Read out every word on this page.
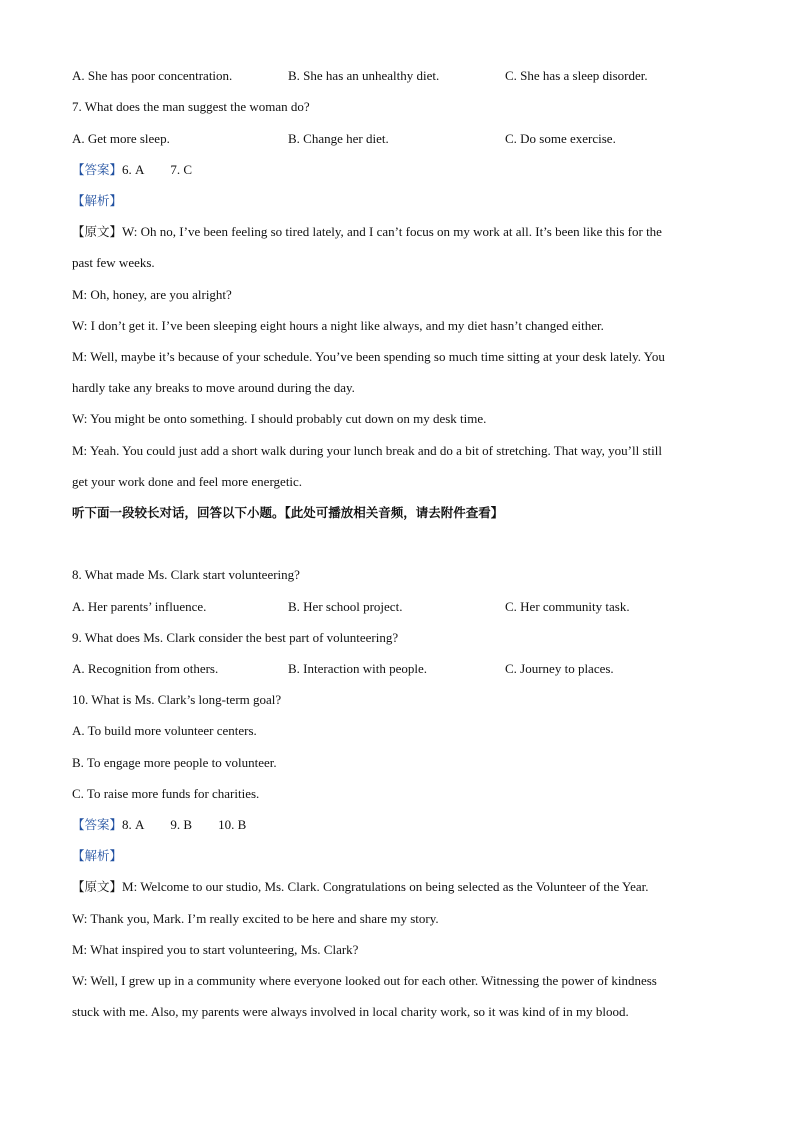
A. She has poor concentration.	B. She has an unhealthy diet.	C. She has a sleep disorder.
7. What does the man suggest the woman do?
A. Get more sleep.	B. Change her diet.	C. Do some exercise.
【答案】6. A 7. C
【解析】
【原文】W: Oh no, I’ve been feeling so tired lately, and I can’t focus on my work at all. It’s been like this for the
past few weeks.
M: Oh, honey, are you alright?
W: I don’t get it. I’ve been sleeping eight hours a night like always, and my diet hasn’t changed either.
M: Well, maybe it’s because of your schedule. You’ve been spending so much time sitting at your desk lately. You
hardly take any breaks to move around during the day.
W: You might be onto something. I should probably cut down on my desk time.
M: Yeah. You could just add a short walk during your lunch break and do a bit of stretching. That way, you’ll still
get your work done and feel more energetic.
听下面一段较长对话，回答以下小题。【此处可播放相关音频，请去附件查看】
8. What made Ms. Clark start volunteering?
A. Her parents’ influence.	B. Her school project.	C. Her community task.
9. What does Ms. Clark consider the best part of volunteering?
A. Recognition from others.	B. Interaction with people.	C. Journey to places.
10. What is Ms. Clark’s long-term goal?
A. To build more volunteer centers.
B. To engage more people to volunteer.
C. To raise more funds for charities.
【答案】8. A 9. B 10. B
【解析】
【原文】M: Welcome to our studio, Ms. Clark. Congratulations on being selected as the Volunteer of the Year.
W: Thank you, Mark. I’m really excited to be here and share my story.
M: What inspired you to start volunteering, Ms. Clark?
W: Well, I grew up in a community where everyone looked out for each other. Witnessing the power of kindness
stuck with me. Also, my parents were always involved in local charity work, so it was kind of in my blood.
